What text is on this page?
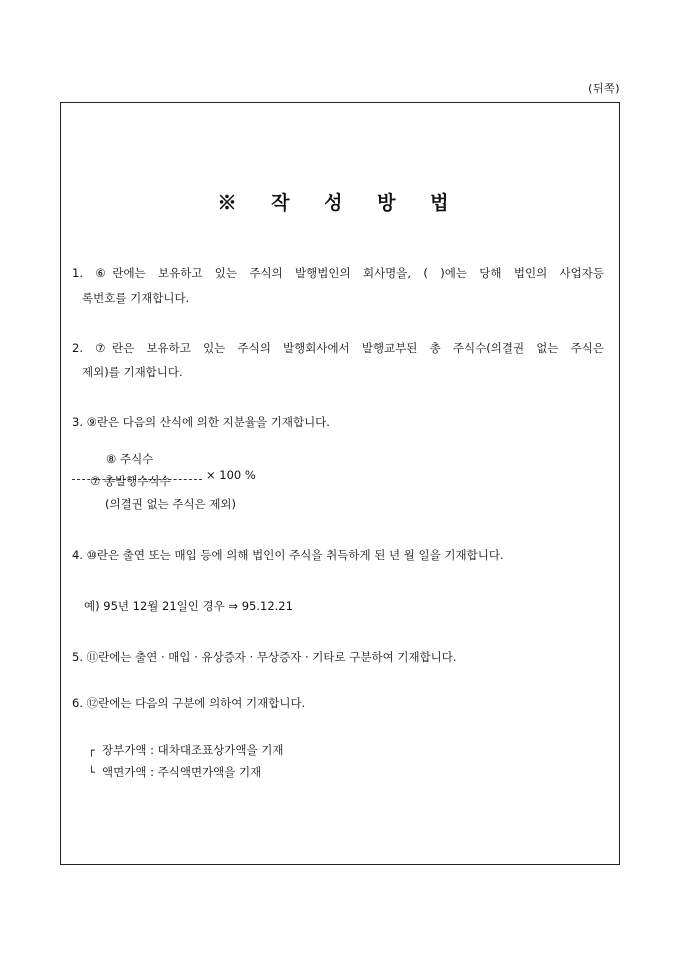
(뒤쪽)
※ 작 성 방 법
1. ⑥란에는 보유하고 있는 주식의 발행법인의 회사명을, ( )에는 당해 법인의 사업자등
록번호를 기재합니다.
2. ⑦란은 보유하고 있는 주식의 발행회사에서 발행교부된 총 주식수(의결권 없는 주식은
제외)를 기재합니다.
3. ⑨란은 다음의 산식에 의한 지분율을 기재합니다.
⑧ 주식수
× 100 %
⑦ 총발행수식수
(의결권 없는 주식은 제외)
4. ⑩란은 출연 또는 매입 등에 의해 법인이 주식을 취득하게 된 년 월 일을 기재합니다.
예) 95년 12월 21일인 경우 ⇒ 95.12.21
5. ⑪란에는 출연 · 매입 · 유상증자 · 무상증자 · 기타로 구분하여 기재합니다.
6. ⑫란에는 다음의 구분에 의하여 기재합니다.
┌ 장부가액 : 대차대조표상가액을 기재
└ 액면가액 : 주식액면가액을 기재
